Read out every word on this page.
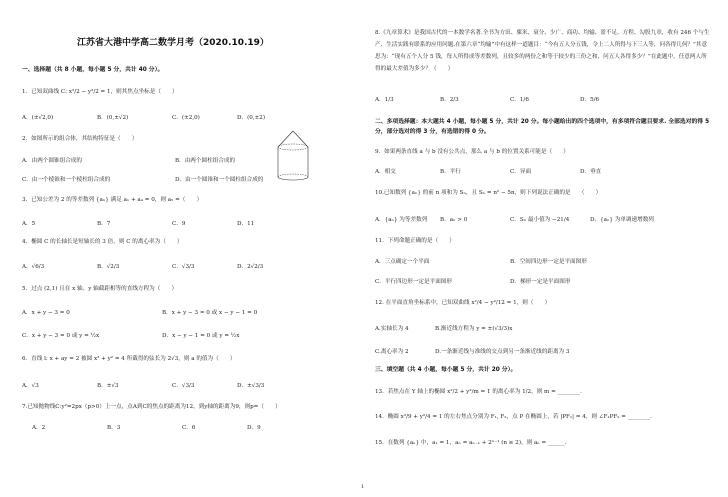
江苏省大港中学高二数学月考（2020.10.19）
一、选择题（共 8 小题，每小题 5 分，共计 40 分）。
1．已知双曲线 C: x²/2 − y²/2 = 1，则其焦点坐标是（　　）
A．(±√2,0)	B．(0,±√2)	C．(±2,0)	D．(0,±2)
2．如图所示的组合体，其结构特征是（　　）
A．由两个圆锥组合成的	B．由两个圆柱组合成的
C．由一个棱锥和一个棱柱组合成的	D．由一个圆锥和一个圆柱组合成的
3．已知公差为 2 的等差数列 {aₙ} 满足 a₁ + a₄ = 0，则 a₅ =（　　）
A．5	B．7	C．9	D．11
4．椭圆 C 的长轴长是短轴长的 3 倍，则 C 的离心率为（　　）
A．√6/3	B．√2/3	C．√3/3	D．2√2/3
5．过点 (2,1) 且在 x 轴、y 轴截距相等的直线方程为（　　）
A．x + y − 3 = 0	B．x + y − 3 = 0 或 x − y − 1 = 0
C．x + y − 3 = 0 或 y = ½x	D．x − y − 1 = 0 或 y = ½x
6．直线 l: x + ay = 2 被圆 x² + y² = 4 所截得的弦长为 2√3，则 a 的值为（　　）
A．√3	B．±√3	C．√3/3	D．±√3/3
7.已知抛物线C:y²=2px（p>0）上一点，点A到C的焦点的距离为12，到y轴的距离为9，则p=（　　）
A．2	B．3	C．6	D．9
8.《九章算术》是我国古代的一本数学名著.全书为方田、粟米、衰分、少广、商功、均输、盈不足、方程、勾股九章，收有 246 个与生产、生活实践有联系的应用问题.在第六章“均输”中有这样一道题目：“今有五人分五钱，令上二人所得与下三人等，问各得几何？”其意思为：“现有五个人分 5 钱，每人所得成等差数列，且较多的两份之和等于较少的三份之和，问五人各得多少？”在此题中，任意两人所得的最大差值为多少？（　　）
A．1/3	B．2/3	C．1/6	D．5/6
二、多项选择题：本大题共 4 小题，每小题 5 分，共计 20 分。每小题给出的四个选项中，有多项符合题目要求. 全部选对的得 5 分，部分选对的得 3 分，有选错的得 0 分。
9．如果两条直线 a 与 b 没有公共点，那么 a 与 b 的位置关系可能是（　　）
A．相交	B．平行	C．异面	D．垂直
10.已知数列 {aₙ} 的前 n 项和为 Sₙ，且 Sₙ = n² − 5n，则下列说法正确的是　　（　　）
A．{aₙ} 为等差数列 B．aₙ > 0	C．Sₙ 最小值为 −21/4	D．{aₙ} 为单调递增数列
11．下列命题正确的是（　　）
A．三点确定一个平面	B．空间四边形一定是平面图形
C．平行四边形一定是平面图形	D．梯形一定是平面图形
12. 在平面直角坐标系中，已知双曲线 x²/4 − y²/12 = 1，则（　　）
A.实轴长为 4	B.渐近线方程为 y = ±(√3/3)x
C.离心率为 2	D.一条渐近线与准线的交点到另一条渐近线的距离为 3
三、填空题（共 4 小题，每小题 5 分，共计 20 分）。
13．若焦点在 Y 轴上的椭圆 x²/2 + y²/m = 1 的离心率为 1/2，则 m = ________.
14．椭圆 x²/9 + y²/4 = 1 的左右焦点分别为 F₁, F₂，点 P 在椭圆上，若 |PF₁| = 4，则 ∠F₁PF₂ = ________.
15．在数列 {aₙ} 中，a₁ = 1，aₙ = aₙ₋₁ + 2ⁿ⁻¹ (n ≥ 2)，则 aₙ = ______.
1
